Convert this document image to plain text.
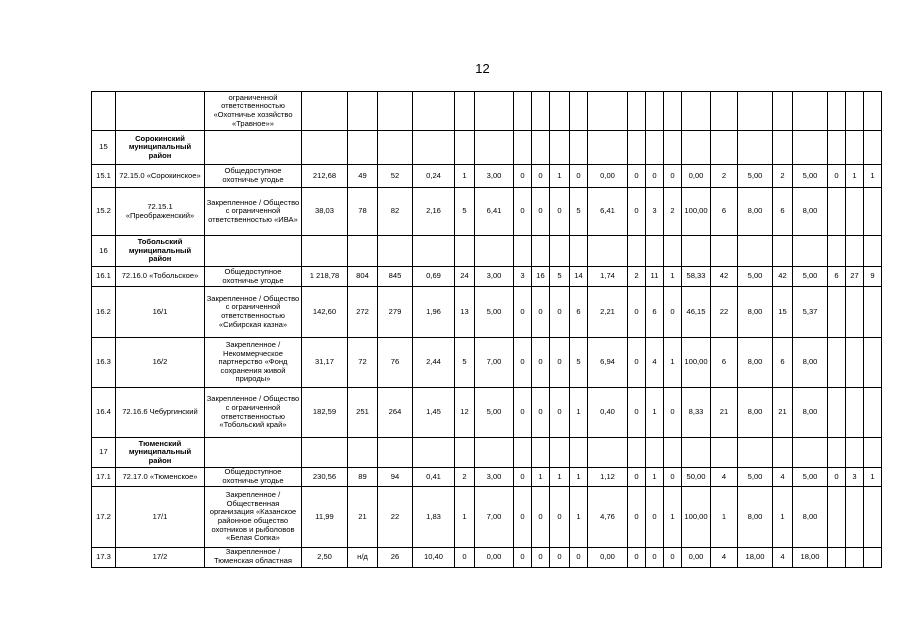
12
		ограниченной ответственностью «Охотничье хозяйство «Травное»»																						
15	Сорокинский муниципальный район																							
15.1	72.15.0 «Сорокинское»	Общедоступное охотничье угодье	212,68	49	52	0,24	1	3,00	0	0	1	0	0,00	0	0	0	0,00	2	5,00	2	5,00	0	1	1
15.2	72.15.1 «Преображенский»	Закрепленное / Общество с ограниченной ответственностью «ИВА»	38,03	78	82	2,16	5	6,41	0	0	0	5	6,41	0	3	2	100,00	6	8,00	6	8,00			
16	Тобольский муниципальный район																							
16.1	72.16.0 «Тобольское»	Общедоступное охотничье угодье	1 218,78	804	845	0,69	24	3,00	3	16	5	14	1,74	2	11	1	58,33	42	5,00	42	5,00	6	27	9
16.2	16/1	Закрепленное / Общество с ограниченной ответственностью «Сибирская казна»	142,60	272	279	1,96	13	5,00	0	0	0	6	2,21	0	6	0	46,15	22	8,00	15	5,37			
16.3	16/2	Закрепленное / Некоммерческое партнерство «Фонд сохранения живой природы»	31,17	72	76	2,44	5	7,00	0	0	0	5	6,94	0	4	1	100,00	6	8,00	6	8,00			
16.4	72.16.6 Чебургинский	Закрепленное / Общество с ограниченной ответственностью «Тобольский край»	182,59	251	264	1,45	12	5,00	0	0	0	1	0,40	0	1	0	8,33	21	8,00	21	8,00			
17	Тюменский муниципальный район																							
17.1	72.17.0 «Тюменское»	Общедоступное охотничье угодье	230,56	89	94	0,41	2	3,00	0	1	1	1	1,12	0	1	0	50,00	4	5,00	4	5,00	0	3	1
17.2	17/1	Закрепленное / Общественная организация «Казанское районное общество охотников и рыболовов «Белая Сопка»	11,99	21	22	1,83	1	7,00	0	0	0	1	4,76	0	0	1	100,00	1	8,00	1	8,00			
17.3	17/2	Закрепленное / Тюменская областная	2,50	н/д	26	10,40	0	0,00	0	0	0	0	0,00	0	0	0	0,00	4	18,00	4	18,00			
